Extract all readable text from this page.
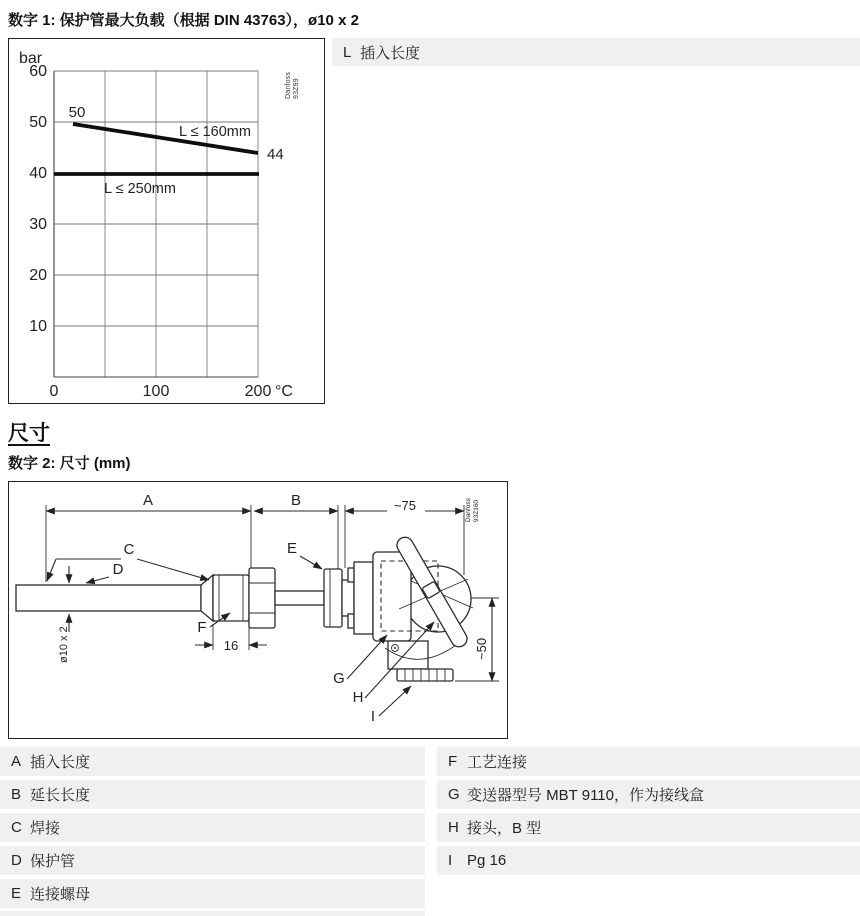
数字 1: 保护管最大负载（根据 DIN 43763），ø10 x 2
bar
60
50
40
30
20
10
0	100	200 °C
50
44
L ≤ 160mm
L ≤ 250mm
Danfoss 93Z99
L 插入长度
尺寸
数字 2: 尺寸 (mm)
A	B	~75
16	~50
ø10 x 2
C
D
E
F
G
H
I
Danfoss 93Z160
A 插入长度
B 延长长度
C 焊接
D 保护管
E 连接螺母
F 工艺连接
G 变送器型号 MBT 9110，作为接线盒
H 接头，B 型
I Pg 16
